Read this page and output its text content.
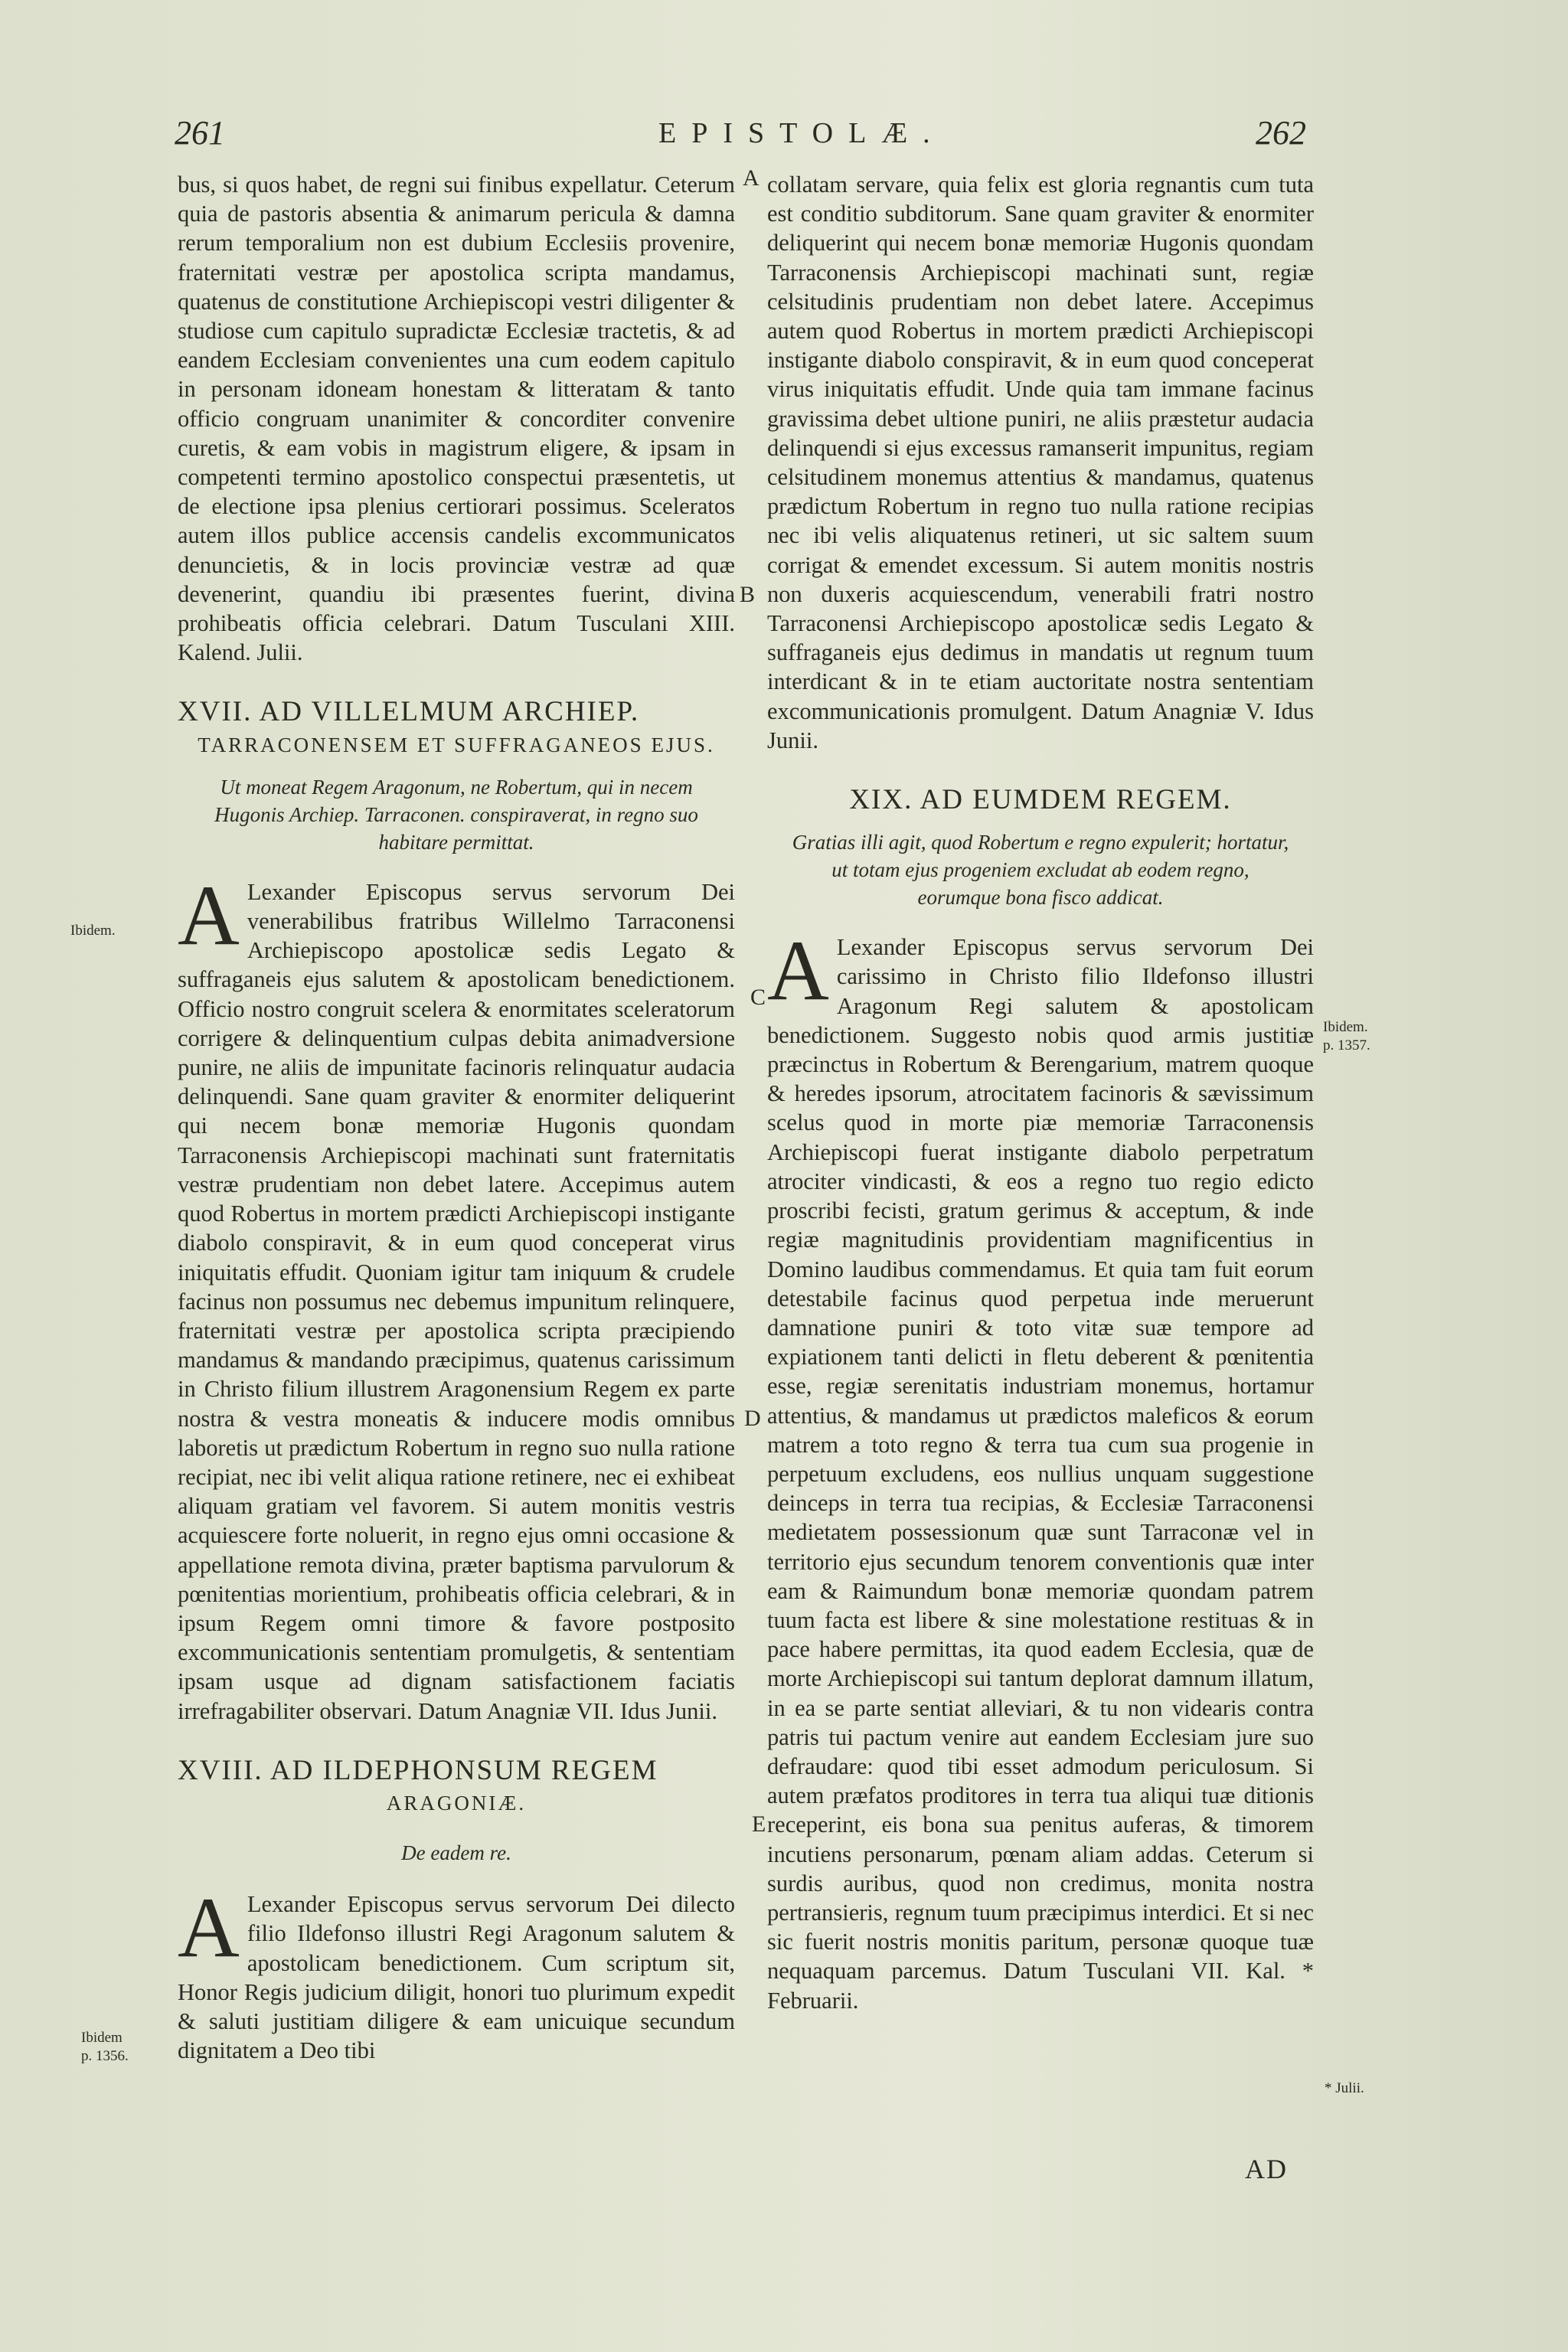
261	EPISTOLÆ.	262

bus, si quos habet, de regni sui finibus expellatur. Ceterum quia de pastoris absentia & animarum pericula & damna rerum temporalium non est dubium Ecclesiis provenire, fraternitati vestræ per apostolica scripta mandamus, quatenus de constitutione Archiepiscopi vestri diligenter & studiose cum capitulo supradictæ Ecclesiæ tractetis, & ad eandem Ecclesiam convenientes una cum eodem capitulo in personam idoneam honestam & litteratam & tanto officio congruam unanimiter & concorditer convenire curetis, & eam vobis in magistrum eligere, & ipsam in competenti termino apostolico conspectui præsentetis, ut de electione ipsa plenius certiorari possimus. Sceleratos autem illos publice accensis candelis excommunicatos denuncietis, & in locis provinciæ vestræ ad quæ devenerint, quandiu ibi præsentes fuerint, divina prohibeatis officia celebrari. Datum Tusculani XIII. Kalend. Julii.

XVII. AD VILLELMUM ARCHIEP.
TARRACONENSEM ET SUFFRAGANEOS EJUS.
Ut moneat Regem Aragonum, ne Robertum, qui in necem Hugonis Archiep. Tarraconen. conspiraverat, in regno suo habitare permittat.

A Lexander Episcopus servus servorum Dei venerabilibus fratribus Willelmo Tarraconensi Archiepiscopo apostolicæ sedis Legato & suffraganeis ejus salutem & apostolicam benedictionem. Officio nostro congruit scelera & enormitates sceleratorum corrigere & delinquentium culpas debita animadversione punire, ne aliis de impunitate facinoris relinquatur audacia delinquendi. Sane quam graviter & enormiter deliquerint qui necem bonæ memoriæ Hugonis quondam Tarraconensis Archiepiscopi machinati sunt fraternitatis vestræ prudentiam non debet latere. Accepimus autem quod Robertus in mortem prædicti Archiepiscopi instigante diabolo conspiravit, & in eum quod conceperat virus iniquitatis effudit. Quoniam igitur tam iniquum & crudele facinus non possumus nec debemus impunitum relinquere, fraternitati vestræ per apostolica scripta præcipiendo mandamus & mandando præcipimus, quatenus carissimum in Christo filium illustrem Aragonensium Regem ex parte nostra & vestra moneatis & inducere modis omnibus laboretis ut prædictum Robertum in regno suo nulla ratione recipiat, nec ibi velit aliqua ratione retinere, nec ei exhibeat aliquam gratiam vel favorem. Si autem monitis vestris acquiescere forte noluerit, in regno ejus omni occasione & appellatione remota divina, præter baptisma parvulorum & pœnitentias morientium, prohibeatis officia celebrari, & in ipsum Regem omni timore & favore postposito excommunicationis sententiam promulgetis, & sententiam ipsam usque ad dignam satisfactionem faciatis irrefragabiliter observari. Datum Anagniæ VII. Idus Junii.

XVIII. AD ILDEPHONSUM REGEM
ARAGONIÆ.
De eadem re.

A Lexander Episcopus servus servorum Dei dilecto filio Ildefonso illustri Regi Aragonum salutem & apostolicam benedictionem. Cum scriptum sit, Honor Regis judicium diligit, honori tuo plurimum expedit & saluti justitiam diligere & eam unicuique secundum dignitatem a Deo tibi

collatam servare, quia felix est gloria regnantis cum tuta est conditio subditorum. Sane quam graviter & enormiter deliquerint qui necem bonæ memoriæ Hugonis quondam Tarraconensis Archiepiscopi machinati sunt, regiæ celsitudinis prudentiam non debet latere. Accepimus autem quod Robertus in mortem prædicti Archiepiscopi instigante diabolo conspiravit, & in eum quod conceperat virus iniquitatis effudit. Unde quia tam immane facinus gravissima debet ultione puniri, ne aliis præstetur audacia delinquendi si ejus excessus ramanserit impunitus, regiam celsitudinem monemus attentius & mandamus, quatenus prædictum Robertum in regno tuo nulla ratione recipias nec ibi velis aliquatenus retineri, ut sic saltem suum corrigat & emendet excessum. Si autem monitis nostris non duxeris acquiescendum, venerabili fratri nostro Tarraconensi Archiepiscopo apostolicæ sedis Legato & suffraganeis ejus dedimus in mandatis ut regnum tuum interdicant & in te etiam auctoritate nostra sententiam excommunicationis promulgent. Datum Anagniæ V. Idus Junii.

XIX. AD EUMDEM REGEM.
Gratias illi agit, quod Robertum e regno expulerit; hortatur, ut totam ejus progeniem excludat ab eodem regno, eorumque bona fisco addicat.

A Lexander Episcopus servus servorum Dei carissimo in Christo filio Ildefonso illustri Aragonum Regi salutem & apostolicam benedictionem. Suggesto nobis quod armis justitiæ præcinctus in Robertum & Berengarium, matrem quoque & heredes ipsorum, atrocitatem facinoris & sævissimum scelus quod in morte piæ memoriæ Tarraconensis Archiepiscopi fuerat instigante diabolo perpetratum atrociter vindicasti, & eos a regno tuo regio edicto proscribi fecisti, gratum gerimus & acceptum, & inde regiæ magnitudinis providentiam magnificentius in Domino laudibus commendamus. Et quia tam fuit eorum detestabile facinus quod perpetua inde meruerunt damnatione puniri & toto vitæ suæ tempore ad expiationem tanti delicti in fletu deberent & pœnitentia esse, regiæ serenitatis industriam monemus, hortamur attentius, & mandamus ut prædictos maleficos & eorum matrem a toto regno & terra tua cum sua progenie in perpetuum excludens, eos nullius unquam suggestione deinceps in terra tua recipias, & Ecclesiæ Tarraconensi medietatem possessionum quæ sunt Tarraconæ vel in territorio ejus secundum tenorem conventionis quæ inter eam & Raimundum bonæ memoriæ quondam patrem tuum facta est libere & sine molestatione restituas & in pace habere permittas, ita quod eadem Ecclesia, quæ de morte Archiepiscopi sui tantum deplorat damnum illatum, in ea se parte sentiat alleviari, & tu non videaris contra patris tui pactum venire aut eandem Ecclesiam jure suo defraudare: quod tibi esset admodum periculosum. Si autem præfatos proditores in terra tua aliqui tuæ ditionis receperint, eis bona sua penitus auferas, & timorem incutiens personarum, pœnam aliam addas. Ceterum si surdis auribus, quod non credimus, monita nostra pertransieris, regnum tuum præcipimus interdici. Et si nec sic fuerit nostris monitis paritum, personæ quoque tuæ nequaquam parcemus. Datum Tusculani VII. Kal. * Februarii.

A
B
C
D
E
Ibidem.
Ibidem
p. 1356.
Ibidem.
p. 1357.
* Julii.
AD
